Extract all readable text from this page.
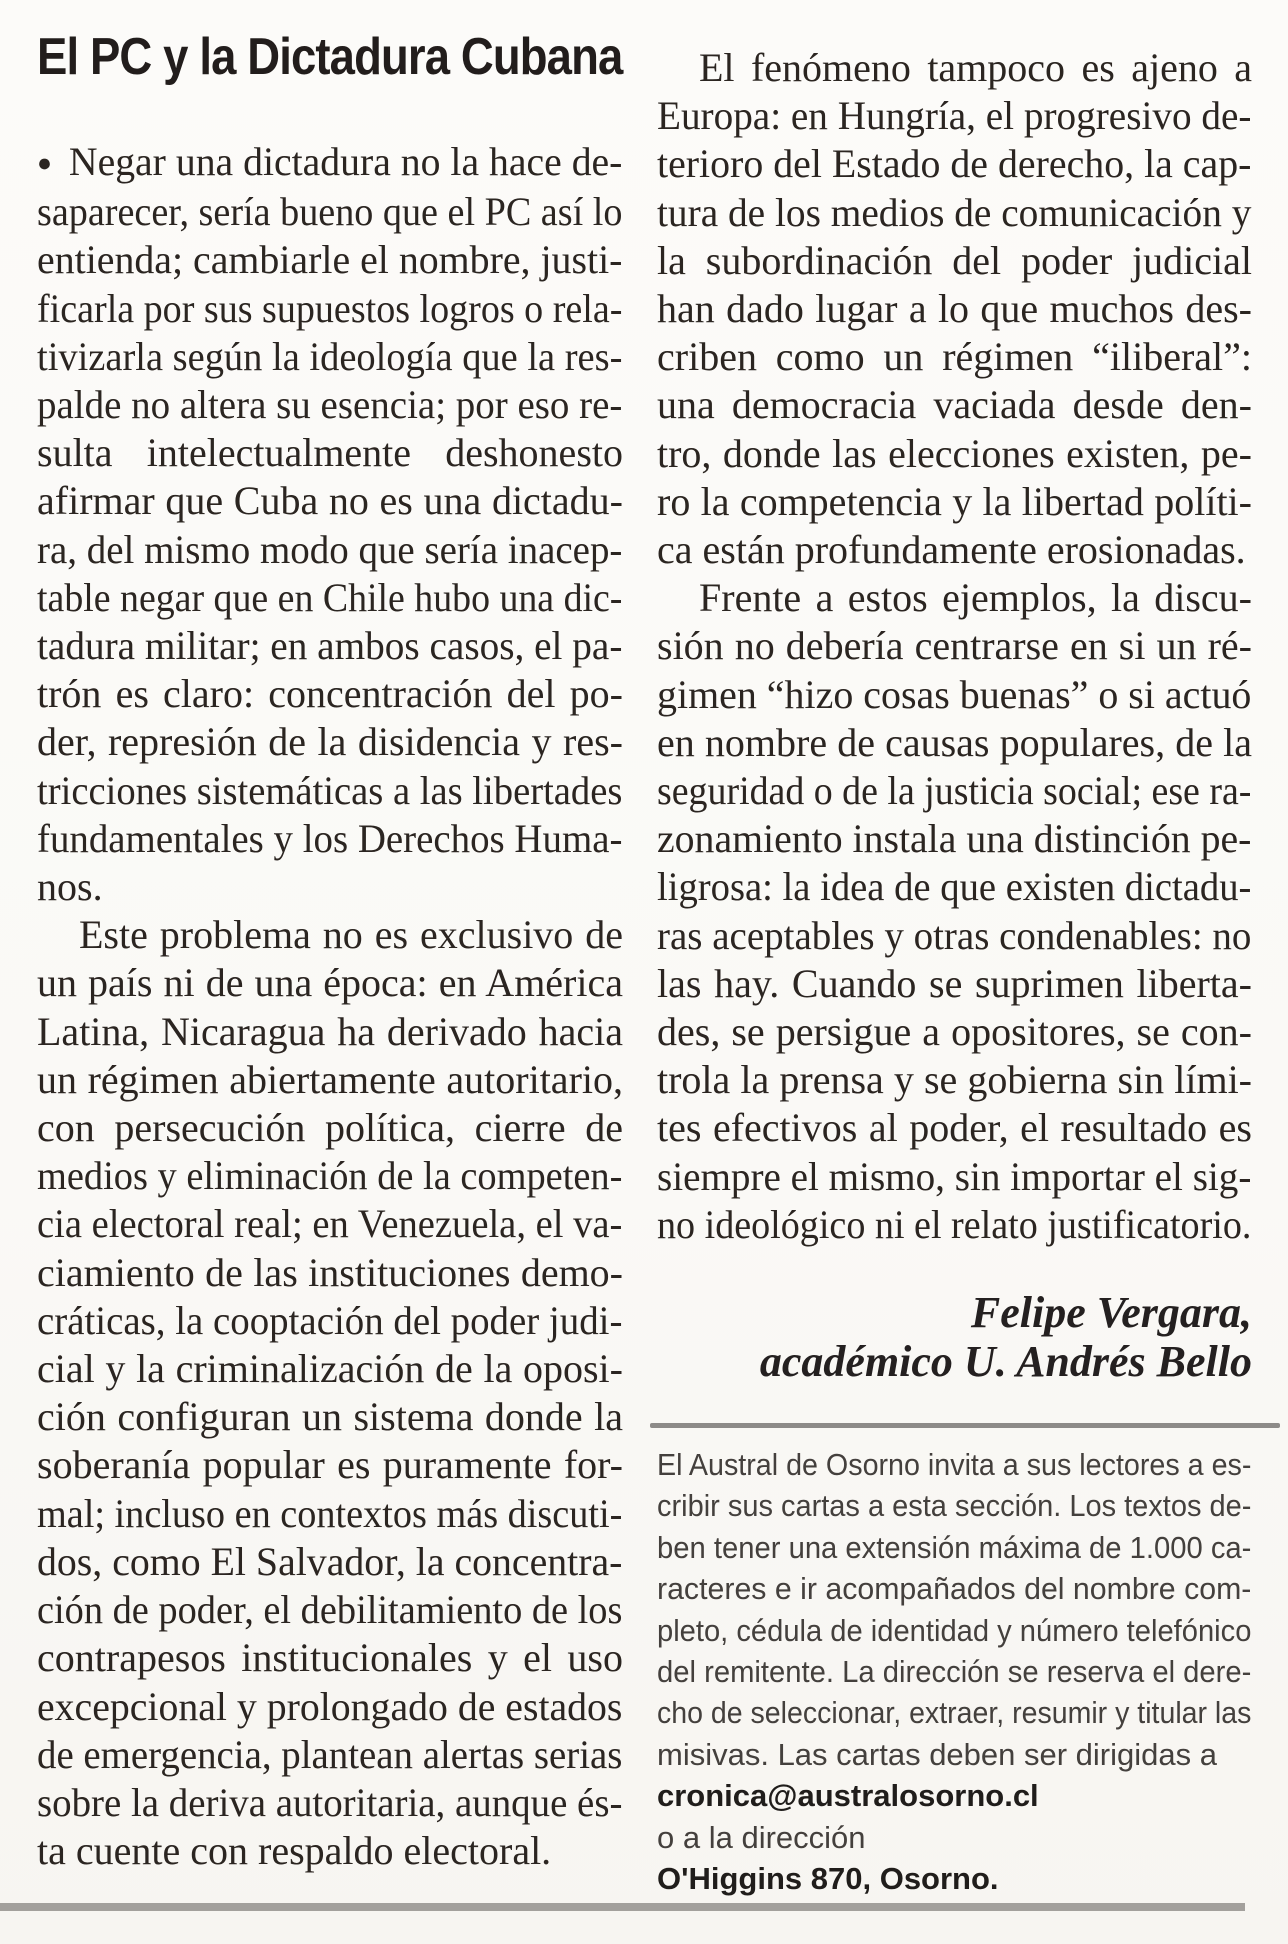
El PC y la Dictadura Cubana
● Negar una dictadura no la hace de-
saparecer, sería bueno que el PC así lo
entienda; cambiarle el nombre, justi-
ficarla por sus supuestos logros o rela-
tivizarla según la ideología que la res-
palde no altera su esencia; por eso re-
sulta intelectualmente deshonesto
afirmar que Cuba no es una dictadu-
ra, del mismo modo que sería inacep-
table negar que en Chile hubo una dic-
tadura militar; en ambos casos, el pa-
trón es claro: concentración del po-
der, represión de la disidencia y res-
tricciones sistemáticas a las libertades
fundamentales y los Derechos Huma-
nos.
Este problema no es exclusivo de
un país ni de una época: en América
Latina, Nicaragua ha derivado hacia
un régimen abiertamente autoritario,
con persecución política, cierre de
medios y eliminación de la competen-
cia electoral real; en Venezuela, el va-
ciamiento de las instituciones demo-
cráticas, la cooptación del poder judi-
cial y la criminalización de la oposi-
ción configuran un sistema donde la
soberanía popular es puramente for-
mal; incluso en contextos más discuti-
dos, como El Salvador, la concentra-
ción de poder, el debilitamiento de los
contrapesos institucionales y el uso
excepcional y prolongado de estados
de emergencia, plantean alertas serias
sobre la deriva autoritaria, aunque és-
ta cuente con respaldo electoral.
El fenómeno tampoco es ajeno a
Europa: en Hungría, el progresivo de-
terioro del Estado de derecho, la cap-
tura de los medios de comunicación y
la subordinación del poder judicial
han dado lugar a lo que muchos des-
criben como un régimen “iliberal”:
una democracia vaciada desde den-
tro, donde las elecciones existen, pe-
ro la competencia y la libertad políti-
ca están profundamente erosionadas.
Frente a estos ejemplos, la discu-
sión no debería centrarse en si un ré-
gimen “hizo cosas buenas” o si actuó
en nombre de causas populares, de la
seguridad o de la justicia social; ese ra-
zonamiento instala una distinción pe-
ligrosa: la idea de que existen dictadu-
ras aceptables y otras condenables: no
las hay. Cuando se suprimen liberta-
des, se persigue a opositores, se con-
trola la prensa y se gobierna sin lími-
tes efectivos al poder, el resultado es
siempre el mismo, sin importar el sig-
no ideológico ni el relato justificatorio.
Felipe Vergara,
académico U. Andrés Bello
El Austral de Osorno invita a sus lectores a es-
cribir sus cartas a esta sección. Los textos de-
ben tener una extensión máxima de 1.000 ca-
racteres e ir acompañados del nombre com-
pleto, cédula de identidad y número telefónico
del remitente. La dirección se reserva el dere-
cho de seleccionar, extraer, resumir y titular las
misivas. Las cartas deben ser dirigidas a
cronica@australosorno.cl
o a la dirección
O'Higgins 870, Osorno.
